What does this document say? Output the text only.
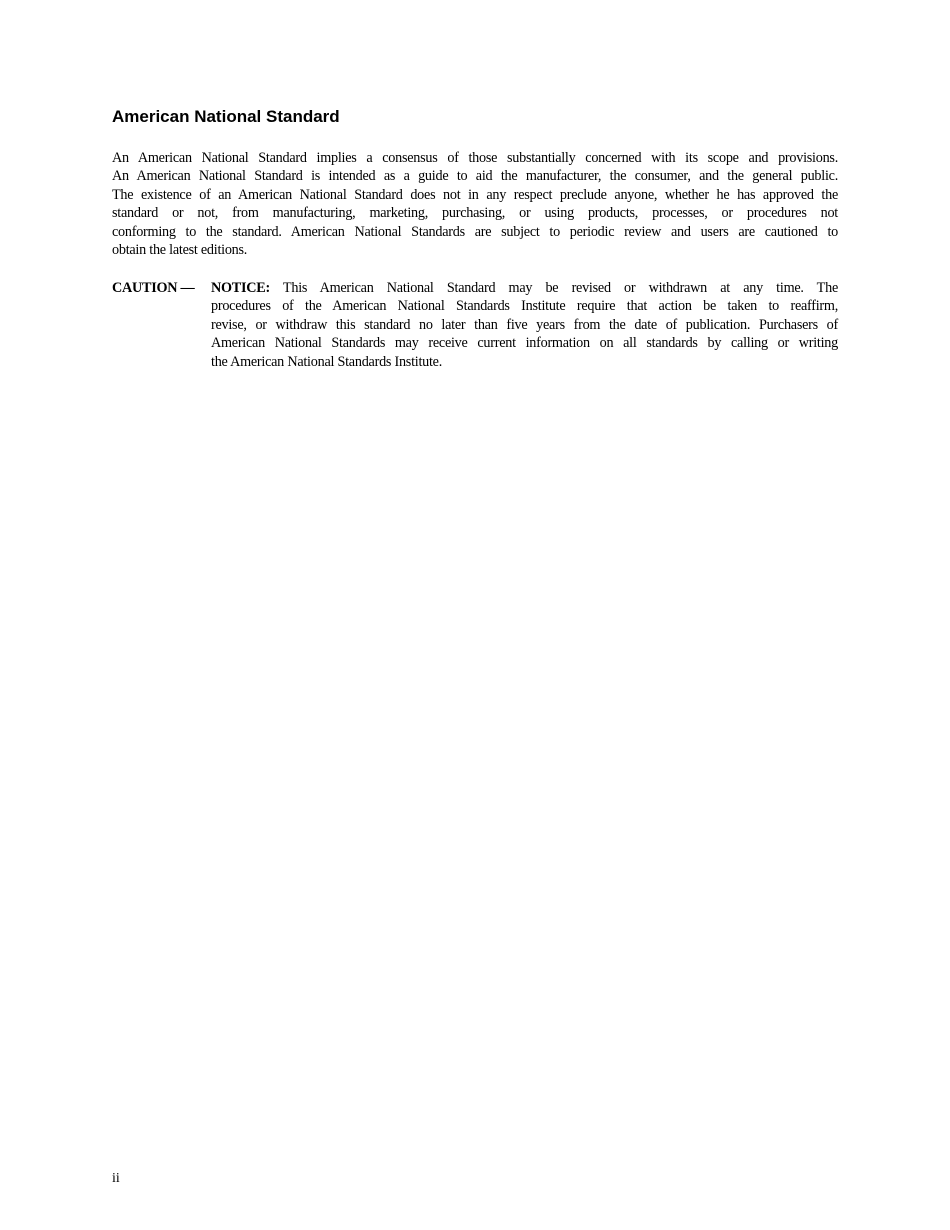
American National Standard
An American National Standard implies a consensus of those substantially concerned with its scope and provisions.
An American National Standard is intended as a guide to aid the manufacturer, the consumer, and the general public.
The existence of an American National Standard does not in any respect preclude anyone, whether he has approved the
standard or not, from manufacturing, marketing, purchasing, or using products, processes, or procedures not
conforming to the standard. American National Standards are subject to periodic review and users are cautioned to
obtain the latest editions.
CAUTION — NOTICE: This American National Standard may be revised or withdrawn at any time. The
procedures of the American National Standards Institute require that action be taken to reaffirm,
revise, or withdraw this standard no later than five years from the date of publication. Purchasers of
American National Standards may receive current information on all standards by calling or writing
the American National Standards Institute.
ii
